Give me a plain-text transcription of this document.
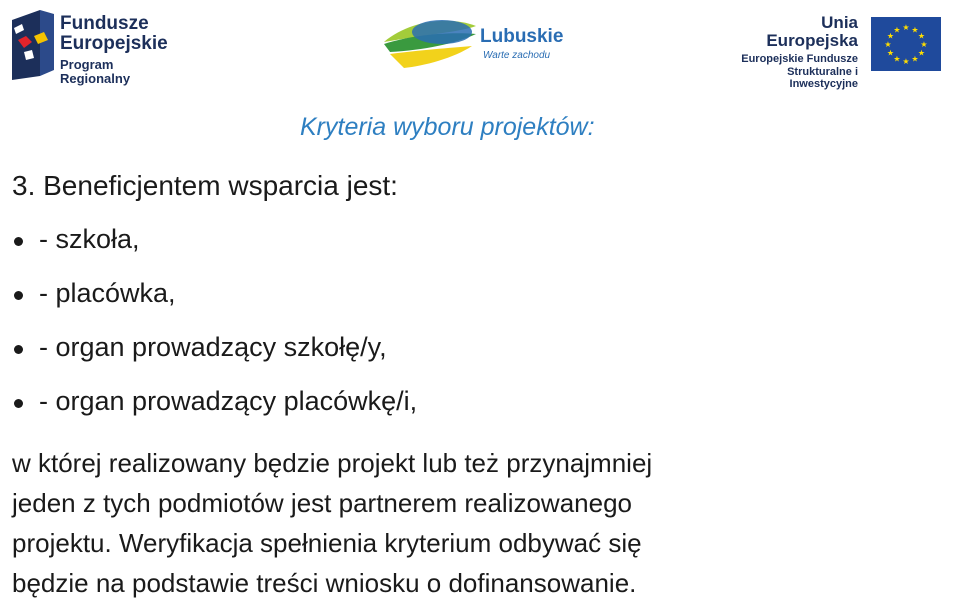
Fundusze
Europejskie
Program Regionalny
Lubuskie
Warte zachodu
Unia Europejska
Europejskie Fundusze
Strukturalne i Inwestycyjne
★ ★
★
★
★
★
★
★
★
★
★
★
Kryteria wyboru projektów:
3. Beneficjentem wsparcia jest:
- szkoła,
- placówka,
- organ prowadzący szkołę/y,
- organ prowadzący placówkę/i,
w której realizowany będzie projekt lub też przynajmniej
jeden z tych podmiotów jest partnerem realizowanego
projektu. Weryfikacja spełnienia kryterium odbywać się
będzie na podstawie treści wniosku o dofinansowanie.
